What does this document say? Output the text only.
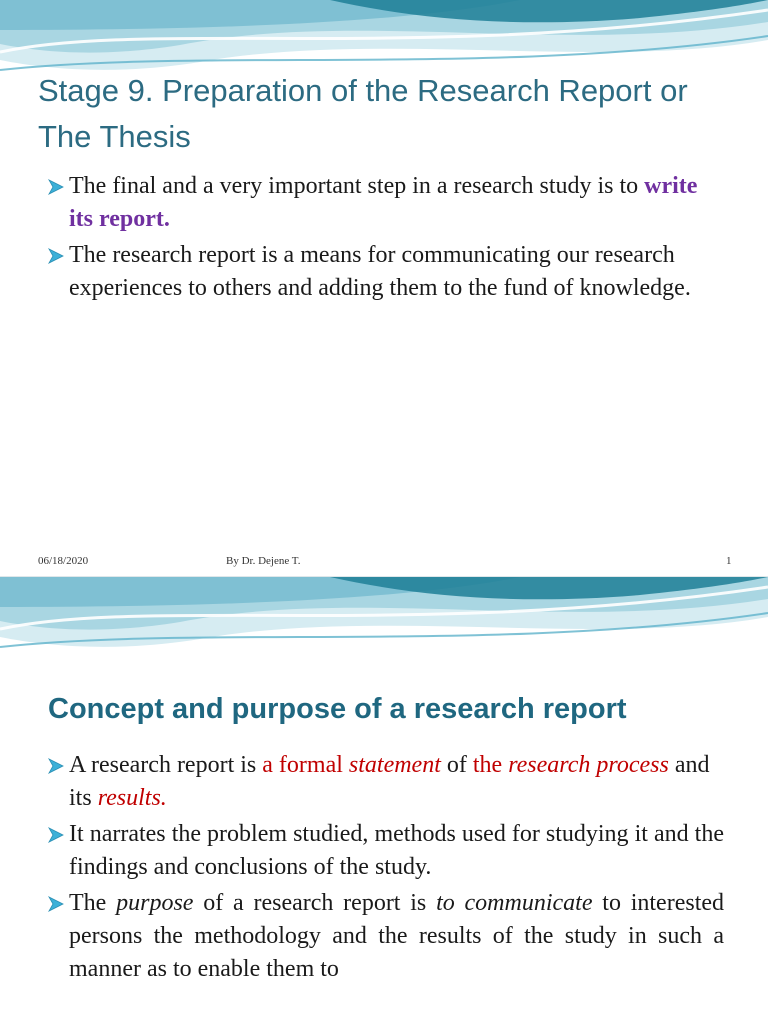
Stage 9. Preparation of the Research Report or The Thesis
The final and a very important step in a research study is to write its report.
The research report is a means for communicating our research experiences to others and adding them to the fund of knowledge.
06/18/2020	By Dr. Dejene T.	1
Concept and purpose of a research report
A research report is a formal statement of the research process and its results.
It narrates the problem studied, methods used for studying it and the findings and conclusions of the study.
The purpose of a research report is to communicate to interested persons the methodology and the results of the study in such a manner as to enable them to
